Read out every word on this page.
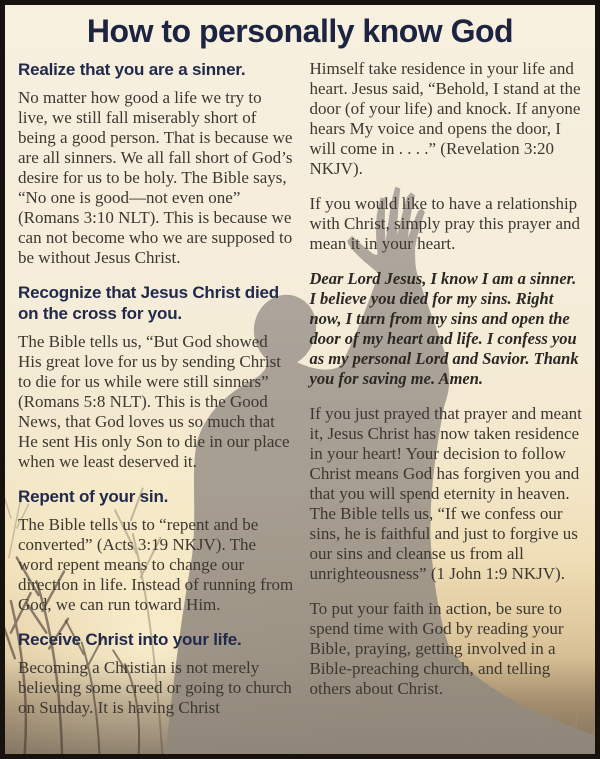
How to personally know God
Realize that you are a sinner.

No matter how good a life we try to live, we still fall miserably short of being a good person. That is because we are all sinners. We all fall short of God’s desire for us to be holy. The Bible says, “No one is good—not even one” (Romans 3:10 NLT). This is because we can not become who we are supposed to be without Jesus Christ.

Recognize that Jesus Christ died on the cross for you.

The Bible tells us, “But God showed His great love for us by sending Christ to die for us while were still sinners” (Romans 5:8 NLT). This is the Good News, that God loves us so much that He sent His only Son to die in our place when we least deserved it.

Repent of your sin.

The Bible tells us to “repent and be converted” (Acts 3:19 NKJV). The word repent means to change our direction in life. Instead of running from God, we can run toward Him.

Receive Christ into your life.

Becoming a Christian is not merely believing some creed or going to church on Sunday. It is having Christ

Himself take residence in your life and heart. Jesus said, “Behold, I stand at the door (of your life) and knock. If anyone hears My voice and opens the door, I will come in . . . .” (Revelation 3:20 NKJV).

If you would like to have a relationship with Christ, simply pray this prayer and mean it in your heart.

Dear Lord Jesus, I know I am a sinner. I believe you died for my sins. Right now, I turn from my sins and open the door of my heart and life. I confess you as my personal Lord and Savior. Thank you for saving me. Amen.

If you just prayed that prayer and meant it, Jesus Christ has now taken residence in your heart! Your decision to follow Christ means God has forgiven you and that you will spend eternity in heaven. The Bible tells us, “If we confess our sins, he is faithful and just to forgive us our sins and cleanse us from all unrighteousness” (1 John 1:9 NKJV).

To put your faith in action, be sure to spend time with God by reading your Bible, praying, getting involved in a Bible-preaching church, and telling others about Christ.
